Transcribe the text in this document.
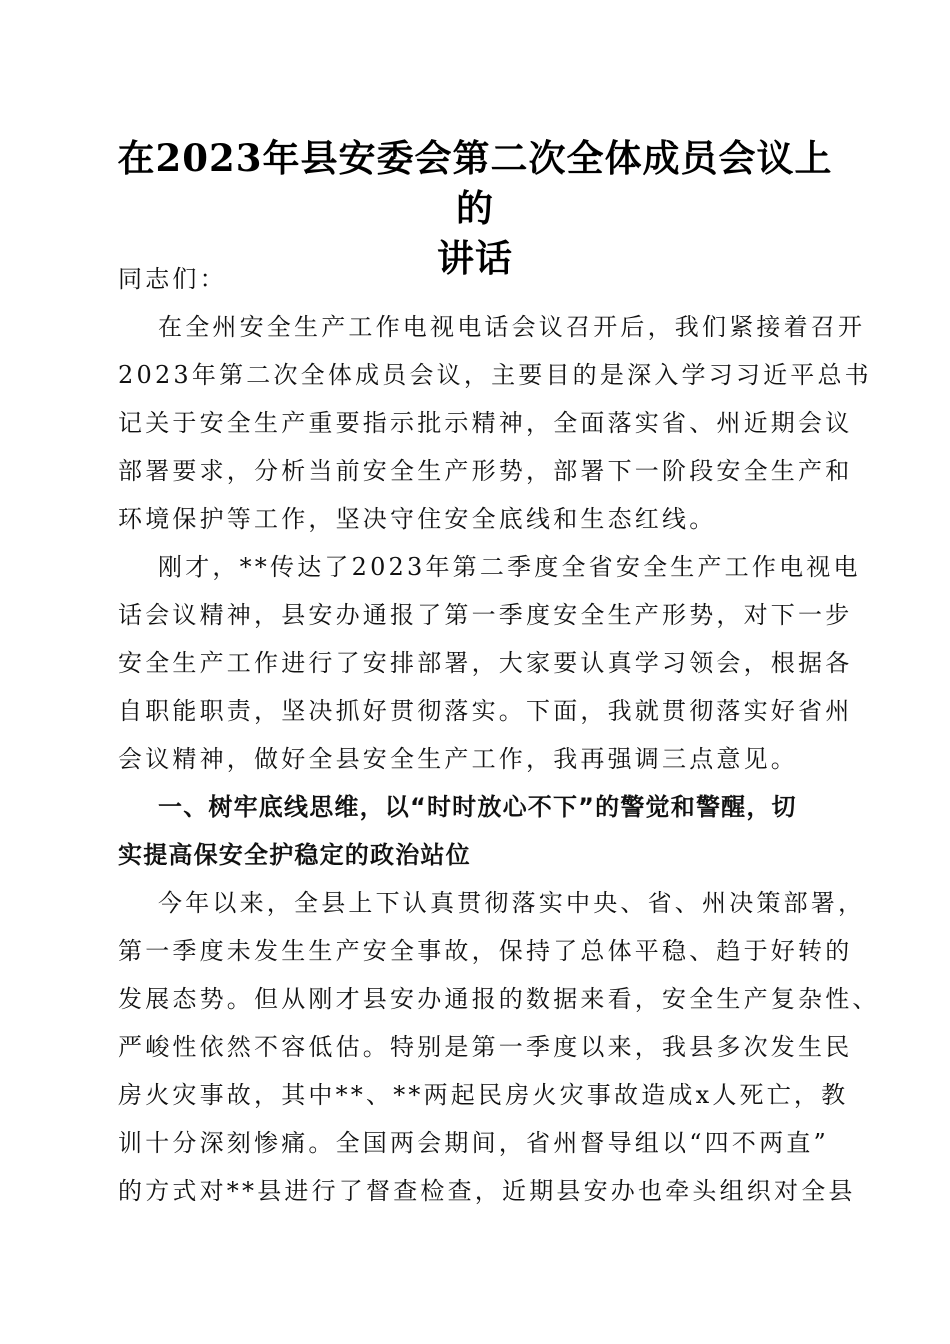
在2023年县安委会第二次全体成员会议上的
讲话
同志们：
在全州安全生产工作电视电话会议召开后，我们紧接着召开
2023年第二次全体成员会议，主要目的是深入学习习近平总书
记关于安全生产重要指示批示精神，全面落实省、州近期会议
部署要求，分析当前安全生产形势，部署下一阶段安全生产和
环境保护等工作，坚决守住安全底线和生态红线。
刚才，**传达了2023年第二季度全省安全生产工作电视电
话会议精神，县安办通报了第一季度安全生产形势，对下一步
安全生产工作进行了安排部署，大家要认真学习领会，根据各
自职能职责，坚决抓好贯彻落实。下面，我就贯彻落实好省州
会议精神，做好全县安全生产工作，我再强调三点意见。
一、树牢底线思维，以“时时放心不下”的警觉和警醒，切
实提高保安全护稳定的政治站位
今年以来，全县上下认真贯彻落实中央、省、州决策部署，
第一季度未发生生产安全事故，保持了总体平稳、趋于好转的
发展态势。但从刚才县安办通报的数据来看，安全生产复杂性、
严峻性依然不容低估。特别是第一季度以来，我县多次发生民
房火灾事故，其中**、**两起民房火灾事故造成x人死亡，教
训十分深刻惨痛。全国两会期间，省州督导组以“四不两直”
的方式对**县进行了督查检查，近期县安办也牵头组织对全县
